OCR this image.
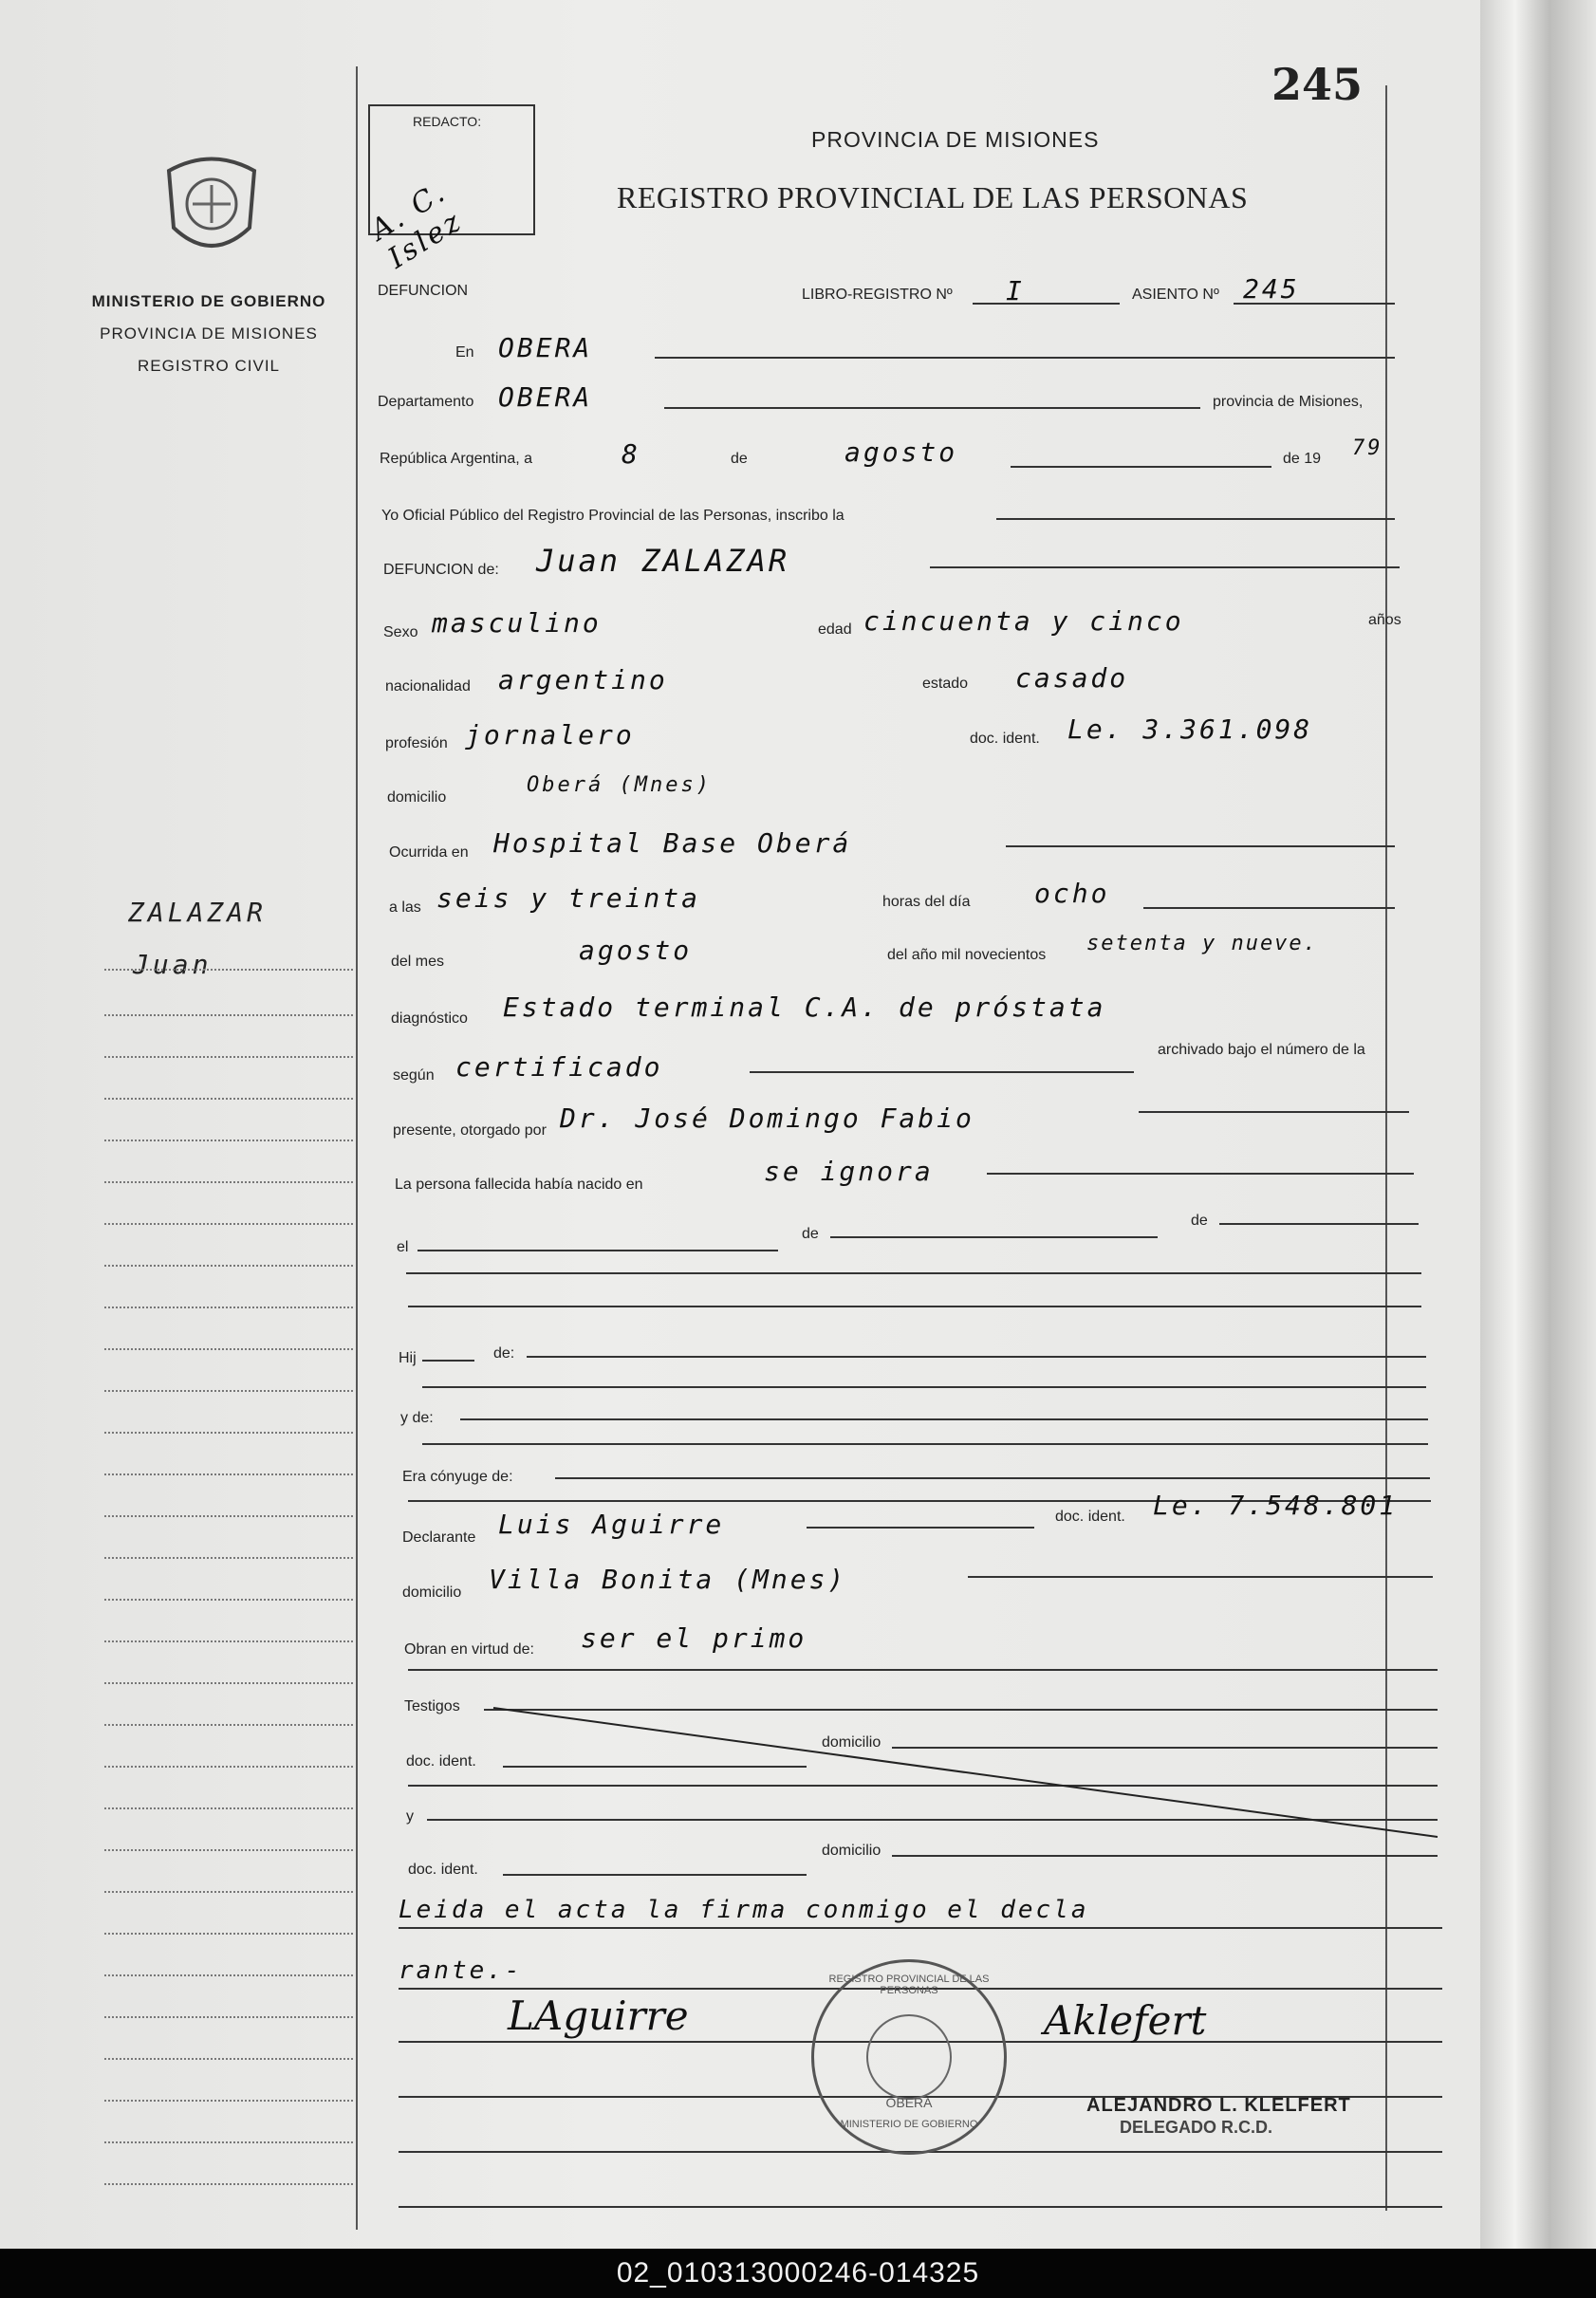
MINISTERIO DE GOBIERNO
PROVINCIA DE MISIONES
REGISTRO CIVIL
ZALAZAR
Juan
REDACTO:
A. C. Islez
245
PROVINCIA DE MISIONES
REGISTRO PROVINCIAL DE LAS PERSONAS
DEFUNCION	LIBRO-REGISTRO Nº I	ASIENTO Nº 245
En OBERA
Departamento OBERA	provincia de Misiones,
República Argentina, a	8	de	agosto	de 19 79
Yo Oficial Público del Registro Provincial de las Personas, inscribo la
DEFUNCION de: Juan ZALAZAR
Sexo masculino	edad cincuenta y cinco	años
nacionalidad argentino	estado casado
profesión jornalero	doc. ident. Le. 3.361.098
domicilio
Oberá (Mnes)
Ocurrida en Hospital Base Oberá
a las seis y treinta	horas del día ocho
del mes	agosto	del año mil novecientos setenta y nueve.
diagnóstico Estado terminal C.A. de próstata
según certificado
archivado bajo el número de la
presente, otorgado por Dr. José Domingo Fabio
La persona fallecida había nacido en	se ignora
el
de
de
Hij	de:
y de:
Era cónyuge de:
Declarante Luis Aguirre	doc. ident. Le. 7.548.801
domicilio Villa Bonita (Mnes)
Obran en virtud de: ser el primo
Testigos
doc. ident.
domicilio
y
doc. ident.
domicilio
Leida el acta la firma conmigo el decla
rante.-
LAguirre
REGISTRO PROVINCIAL DE LAS PERSONAS
OBERA
MINISTERIO DE GOBIERNO
Aklefert
ALEJANDRO L. KLELFERT
DELEGADO R.C.D.
02_010313000246-014325
